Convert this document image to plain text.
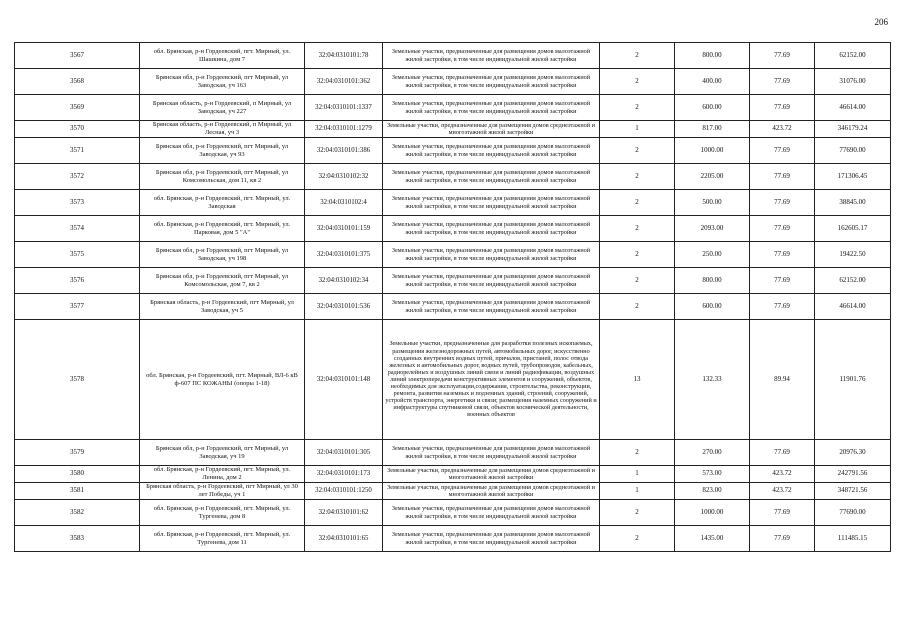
206
3567	обл. Брянская, р-н Гордеевский, пгт. Мирный, ул. Шашкина, дом 7	32:04:0310101:78	Земельные участки, предназначенные для размещения домов малоэтажной жилой застройки, в том числе индивидуальной жилой застройки	2	800.00	77.69	62152.00
3568	Брянская обл, р-н Гордеевский, пгт Мирный, ул Заводская, уч 163	32:04:0310101:362	Земельные участки, предназначенные для размещения домов малоэтажной жилой застройки, в том числе индивидуальной жилой застройки	2	400.00	77.69	31076.00
3569	Брянская область, р-н Гордеевский, п Мирный, ул Заводская, уч 227	32:04:0310101:1337	Земельные участки, предназначенные для размещения домов малоэтажной жилой застройки, в том числе индивидуальной жилой застройки	2	600.00	77.69	46614.00
3570	Брянская область, р-н Гордеевский, п Мирный, ул Лесная, уч 3	32:04:0310101:1279	Земельные участки, предназначенные для размещения домов среднеэтажной и многоэтажной жилой застройки	1	817.00	423.72	346179.24
3571	Брянская обл, р-н Гордеевский, пгт Мирный, ул Заводская, уч 93	32:04:0310101:386	Земельные участки, предназначенные для размещения домов малоэтажной жилой застройки, в том числе индивидуальной жилой застройки	2	1000.00	77.69	77690.00
3572	Брянская обл, р-н Гордеевский, пгт Мирный, ул Комсомольская, дом 11, кв 2	32:04:0310102:32	Земельные участки, предназначенные для размещения домов малоэтажной жилой застройки, в том числе индивидуальной жилой застройки	2	2205.00	77.69	171306.45
3573	обл. Брянская, р-н Гордеевский, пгт. Мирный, ул. Заводская	32:04:0310102:4	Земельные участки, предназначенные для размещения домов малоэтажной жилой застройки, в том числе индивидуальной жилой застройки	2	500.00	77.69	38845.00
3574	обл. Брянская, р-н Гордеевский, пгт. Мирный, ул. Парковая, дом 5 "А"	32:04:0310101:159	Земельные участки, предназначенные для размещения домов малоэтажной жилой застройки, в том числе индивидуальной жилой застройки	2	2093.00	77.69	162605.17
3575	Брянская обл, р-н Гордеевский, пгт Мирный, ул Заводская, уч 198	32:04:0310101:375	Земельные участки, предназначенные для размещения домов малоэтажной жилой застройки, в том числе индивидуальной жилой застройки	2	250.00	77.69	19422.50
3576	Брянская обл, р-н Гордеевский, пгт Мирный, ул Комсомольская, дом 7, кв 2	32:04:0310102:34	Земельные участки, предназначенные для размещения домов малоэтажной жилой застройки, в том числе индивидуальной жилой застройки	2	800.00	77.69	62152.00
3577	Брянская область, р-н Гордеевский, пгт Мирный, ул Заводская, уч 5	32:04:0310101:536	Земельные участки, предназначенные для размещения домов малоэтажной жилой застройки, в том числе индивидуальной жилой застройки	2	600.00	77.69	46614.00
3578	обл. Брянская, р-н Гордеевский, пгт. Мирный, ВЛ-6 кВ ф-607 ПС КОЖАНЫ (опоры 1-18)	32:04:0310101:148	Земельные участки, предназначенные для разработки полезных ископаемых, размещения железнодорожных путей, автомобильных дорог, искусственно созданных внутренних водных путей, причалов, пристаней, полос отвода железных и автомобильных дорог, водных путей, трубопроводов, кабельных, радиорелейных и воздушных линий связи и линий радиофикации, воздушных линий электропередачи конструктивных элементов и сооружений, объектов, необходимых для эксплуатации,содержания, строительства, реконструкции, ремонта, развития наземных и подземных зданий, строений, сооружений, устройств транспорта, энергетики и связи; размещения наземных сооружений и инфраструктуры спутниковой связи, объектов космической деятельности, военных объектов	13	132.33	89.94	11901.76
3579	Брянская обл, р-н Гордеевский, пгт Мирный, ул Заводская, уч 19	32:04:0310101:305	Земельные участки, предназначенные для размещения домов малоэтажной жилой застройки, в том числе индивидуальной жилой застройки	2	270.00	77.69	20976.30
3580	обл. Брянская, р-н Гордеевский, пгт. Мирный, ул. Ленина, дом 2	32:04:0310101:173	Земельные участки, предназначенные для размещения домов среднеэтажной и многоэтажной жилой застройки	1	573.00	423.72	242791.56
3581	Брянская область, р-н Гордеевский, пгт Мирный, ул 30 лет Победы, уч 1	32:04:0310101:1250	Земельные участки, предназначенные для размещения домов среднеэтажной и многоэтажной жилой застройки	1	823.00	423.72	348721.56
3582	обл. Брянская, р-н Гордеевский, пгт. Мирный, ул. Тургенева, дом 8	32:04:0310101:62	Земельные участки, предназначенные для размещения домов малоэтажной жилой застройки, в том числе индивидуальной жилой застройки	2	1000.00	77.69	77690.00
3583	обл. Брянская, р-н Гордеевский, пгт. Мирный, ул. Тургенева, дом 11	32:04:0310101:65	Земельные участки, предназначенные для размещения домов малоэтажной жилой застройки, в том числе индивидуальной жилой застройки	2	1435.00	77.69	111485.15
